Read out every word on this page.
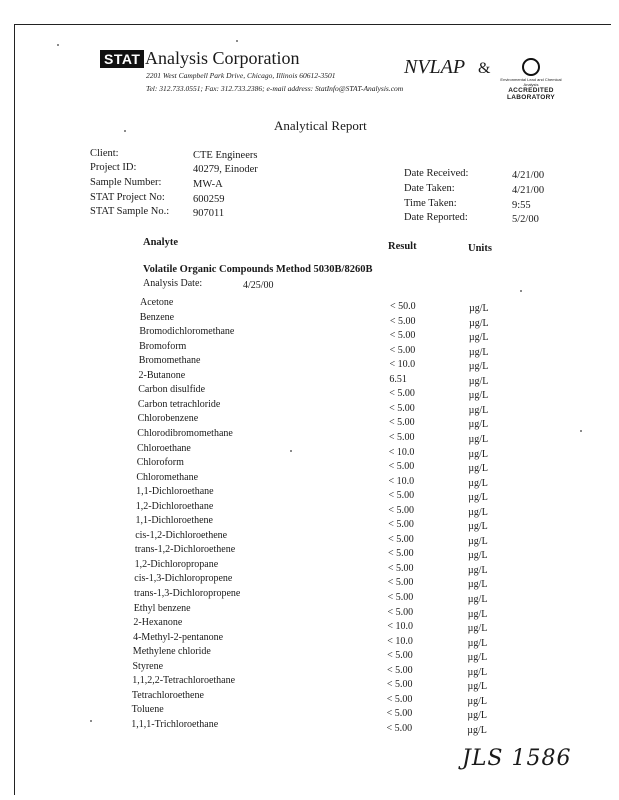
STAT Analysis Corporation
2201 West Campbell Park Drive, Chicago, Illinois 60612-3501
Tel: 312.733.0551; Fax: 312.733.2386; e-mail address: StatInfo@STAT-Analysis.com
NVLAP &
Environmental Lead and Chemical Analysis
ACCREDITED
LABORATORY
Analytical Report
Client:	CTE Engineers
Project ID:	40279, Einoder
Sample Number:	MW-A
STAT Project No:	600259
STAT Sample No.: 907011
Date Received:	4/21/00
Date Taken:	4/21/00
Time Taken:	9:55
Date Reported:	5/2/00
Analyte	Result	Units
Volatile Organic Compounds Method 5030B/8260B
Analysis Date:	4/25/00
Acetone	< 50.0	µg/L
Benzene	< 5.00	µg/L
Bromodichloromethane	< 5.00	µg/L
Bromoform	< 5.00	µg/L
Bromomethane	< 10.0	µg/L
2-Butanone	6.51	µg/L
Carbon disulfide	< 5.00	µg/L
Carbon tetrachloride	< 5.00	µg/L
Chlorobenzene	< 5.00	µg/L
Chlorodibromomethane	< 5.00	µg/L
Chloroethane	< 10.0	µg/L
Chloroform	< 5.00	µg/L
Chloromethane	< 10.0	µg/L
1,1-Dichloroethane	< 5.00	µg/L
1,2-Dichloroethane	< 5.00	µg/L
1,1-Dichloroethene	< 5.00	µg/L
cis-1,2-Dichloroethene	< 5.00	µg/L
trans-1,2-Dichloroethene	< 5.00	µg/L
1,2-Dichloropropane	< 5.00	µg/L
cis-1,3-Dichloropropene	< 5.00	µg/L
trans-1,3-Dichloropropene	< 5.00	µg/L
Ethyl benzene	< 5.00	µg/L
2-Hexanone	< 10.0	µg/L
4-Methyl-2-pentanone	< 10.0	µg/L
Methylene chloride	< 5.00	µg/L
Styrene	< 5.00	µg/L
1,1,2,2-Tetrachloroethane	< 5.00	µg/L
Tetrachloroethene	< 5.00	µg/L
Toluene	< 5.00	µg/L
1,1,1-Trichloroethane	< 5.00	µg/L
JLS 1586
